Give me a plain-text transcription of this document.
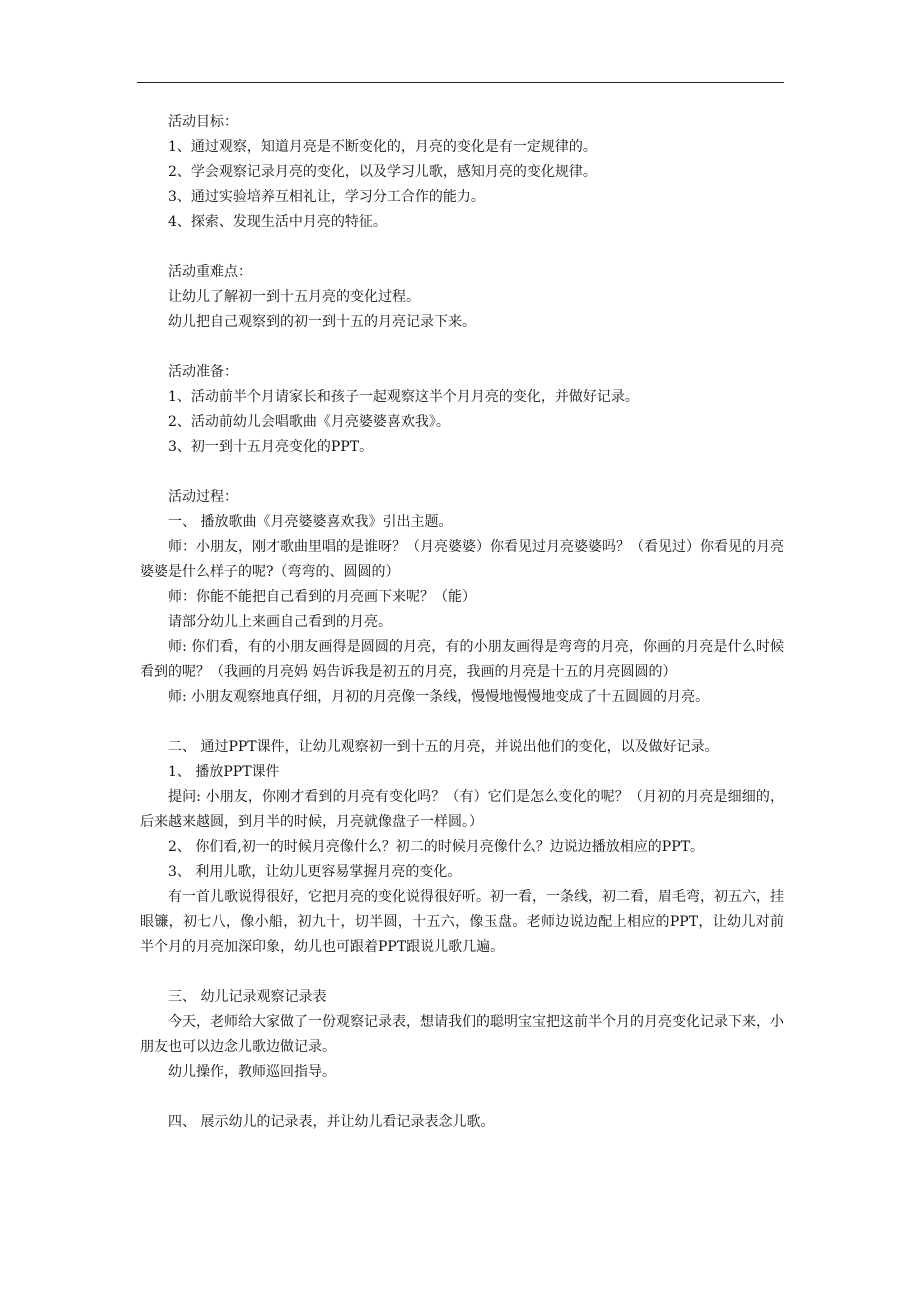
活动目标：

1、通过观察，知道月亮是不断变化的，月亮的变化是有一定规律的。

2、学会观察记录月亮的变化，以及学习儿歌，感知月亮的变化规律。

3、通过实验培养互相礼让，学习分工合作的能力。

4、探索、发现生活中月亮的特征。

活动重难点：

让幼儿了解初一到十五月亮的变化过程。

幼儿把自己观察到的初一到十五的月亮记录下来。

活动准备：

1、活动前半个月请家长和孩子一起观察这半个月月亮的变化，并做好记录。

2、活动前幼儿会唱歌曲《月亮婆婆喜欢我》。

3、初一到十五月亮变化的PPT。

活动过程：

一、 播放歌曲《月亮婆婆喜欢我》引出主题。

师：小朋友，刚才歌曲里唱的是谁呀？（月亮婆婆）你看见过月亮婆婆吗？（看见过）你看见的月亮婆婆是什么样子的呢?（弯弯的、圆圆的）

师：你能不能把自己看到的月亮画下来呢？（能）

请部分幼儿上来画自己看到的月亮。

师: 你们看，有的小朋友画得是圆圆的月亮，有的小朋友画得是弯弯的月亮，你画的月亮是什么时候看到的呢？（我画的月亮妈 妈告诉我是初五的月亮，我画的月亮是十五的月亮圆圆的）

师: 小朋友观察地真仔细，月初的月亮像一条线，慢慢地慢慢地变成了十五圆圆的月亮。

二、 通过PPT课件，让幼儿观察初一到十五的月亮，并说出他们的变化，以及做好记录。

1、 播放PPT课件

提问: 小朋友，你刚才看到的月亮有变化吗？（有）它们是怎么变化的呢？（月初的月亮是细细的，后来越来越圆，到月半的时候，月亮就像盘子一样圆。）

2、 你们看,初一的时候月亮像什么？初二的时候月亮像什么？边说边播放相应的PPT。

3、 利用儿歌，让幼儿更容易掌握月亮的变化。

有一首儿歌说得很好，它把月亮的变化说得很好听。初一看，一条线，初二看，眉毛弯，初五六，挂眼镰，初七八，像小船，初九十，切半圆，十五六，像玉盘。老师边说边配上相应的PPT，让幼儿对前半个月的月亮加深印象，幼儿也可跟着PPT跟说儿歌几遍。

三、 幼儿记录观察记录表

今天，老师给大家做了一份观察记录表，想请我们的聪明宝宝把这前半个月的月亮变化记录下来，小朋友也可以边念儿歌边做记录。

幼儿操作，教师巡回指导。

四、 展示幼儿的记录表，并让幼儿看记录表念儿歌。
